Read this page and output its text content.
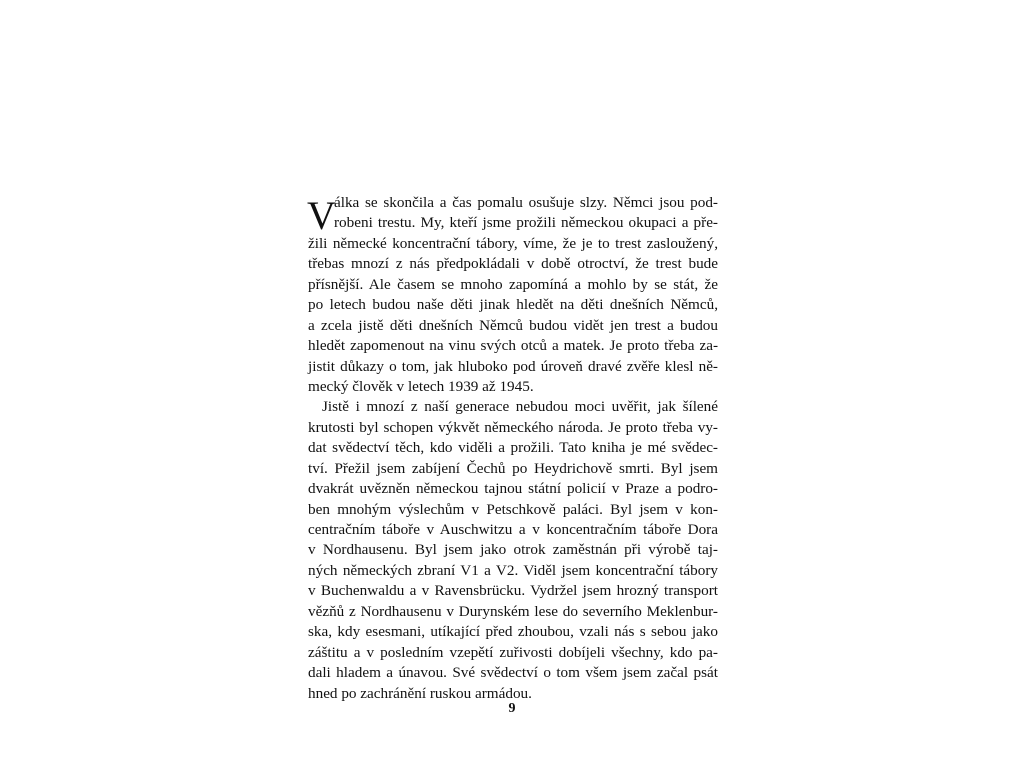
V
álka se skončila a čas pomalu osušuje slzy. Němci jsou pod-
robeni trestu. My, kteří jsme prožili německou okupaci a pře-
žili německé koncentrační tábory, víme, že je to trest zasloužený,
třebas mnozí z nás předpokládali v době otroctví, že trest bude
přísnější. Ale časem se mnoho zapomíná a mohlo by se stát, že
po letech budou naše děti jinak hledět na děti dnešních Němců,
a zcela jistě děti dnešních Němců budou vidět jen trest a budou
hledět zapomenout na vinu svých otců a matek. Je proto třeba za-
jistit důkazy o tom, jak hluboko pod úroveň dravé zvěře klesl ně-
mecký člověk v letech 1939 až 1945.
Jistě i mnozí z naší generace nebudou moci uvěřit, jak šílené
krutosti byl schopen výkvět německého národa. Je proto třeba vy-
dat svědectví těch, kdo viděli a prožili. Tato kniha je mé svědec-
tví. Přežil jsem zabíjení Čechů po Heydrichově smrti. Byl jsem
dvakrát uvězněn německou tajnou státní policií v Praze a podro-
ben mnohým výslechům v Petschkově paláci. Byl jsem v kon-
centračním táboře v Auschwitzu a v koncentračním táboře Dora
v Nordhausenu. Byl jsem jako otrok zaměstnán při výrobě taj-
ných německých zbraní V1 a V2. Viděl jsem koncentrační tábory
v Buchenwaldu a v Ravensbrücku. Vydržel jsem hrozný transport
vězňů z Nordhausenu v Durynském lese do severního Meklenbur-
ska, kdy esesmani, utíkající před zhoubou, vzali nás s sebou jako
záštitu a v posledním vzepětí zuřivosti dobíjeli všechny, kdo pa-
dali hladem a únavou. Své svědectví o tom všem jsem začal psát
hned po zachránění ruskou armádou.
9
